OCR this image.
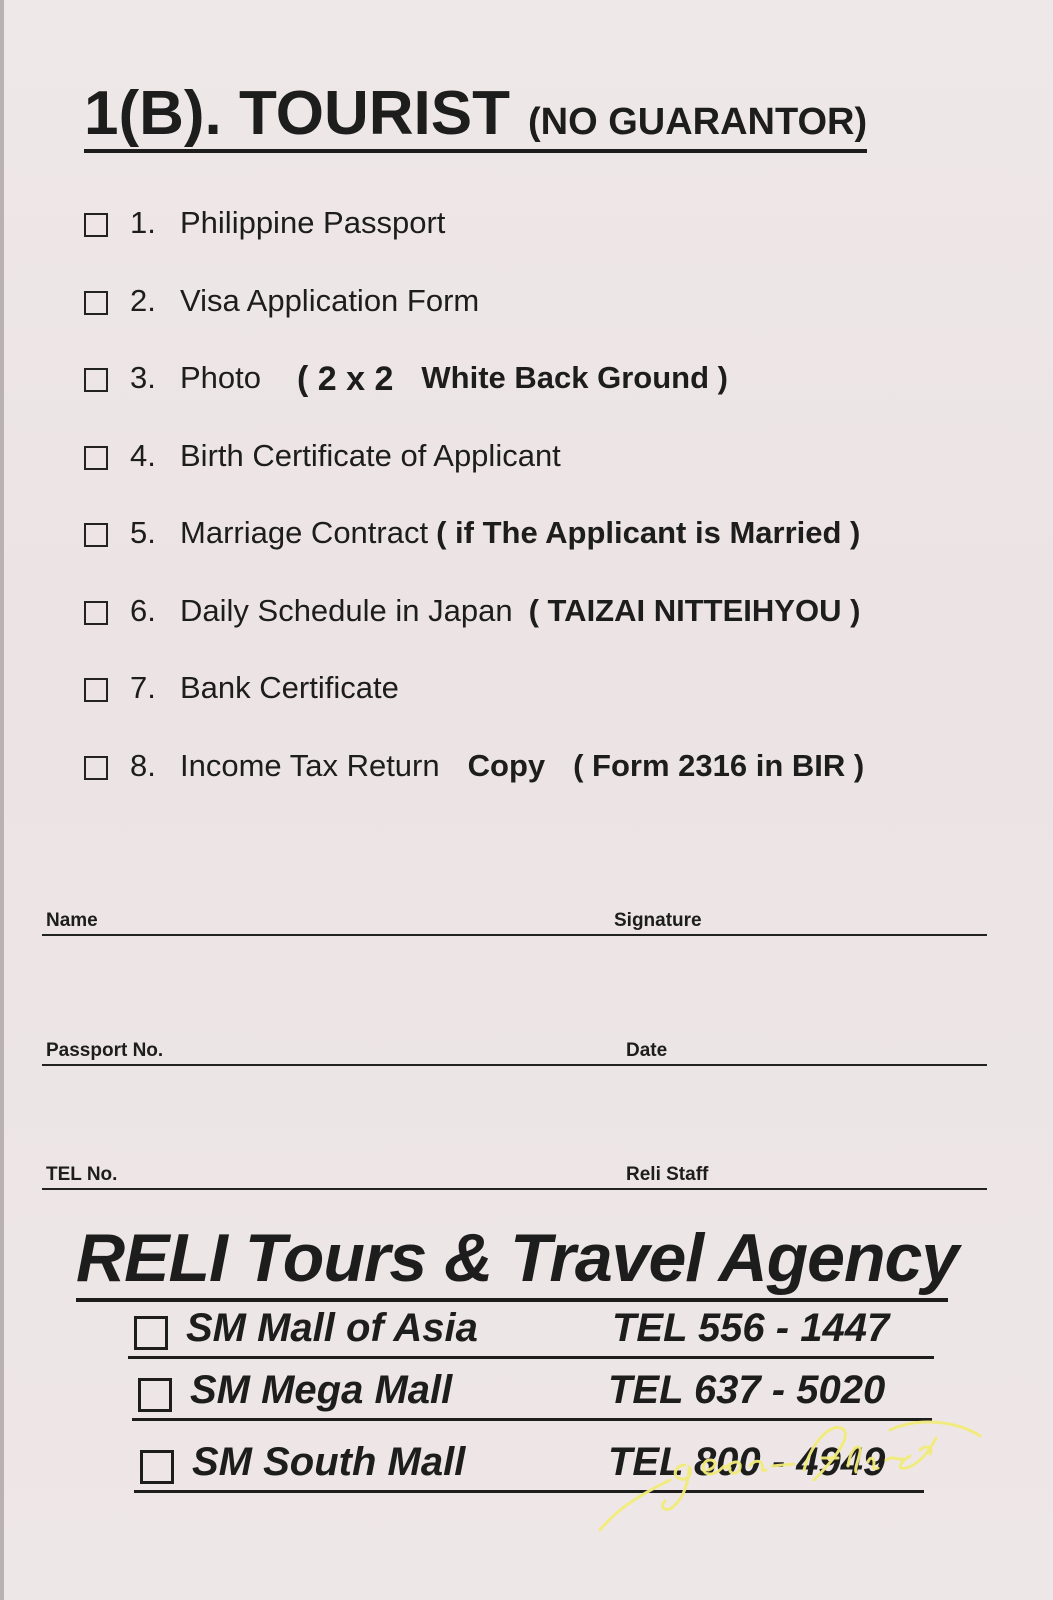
1(B). TOURIST (NO GUARANTOR)
1. Philippine Passport
2. Visa Application Form
3. Photo ( 2 x 2 White Back Ground )
4. Birth Certificate of Applicant
5. Marriage Contract ( if The Applicant is Married )
6. Daily Schedule in Japan ( TAIZAI NITTEIHYOU )
7. Bank Certificate
8. Income Tax Return Copy ( Form 2316 in BIR )
Name	Signature
Passport No.	Date
TEL No.	Reli Staff
RELI Tours & Travel Agency
SM Mall of Asia	TEL 556 - 1447
SM Mega Mall	TEL 637 - 5020
SM South Mall	TEL 800 - 4949
